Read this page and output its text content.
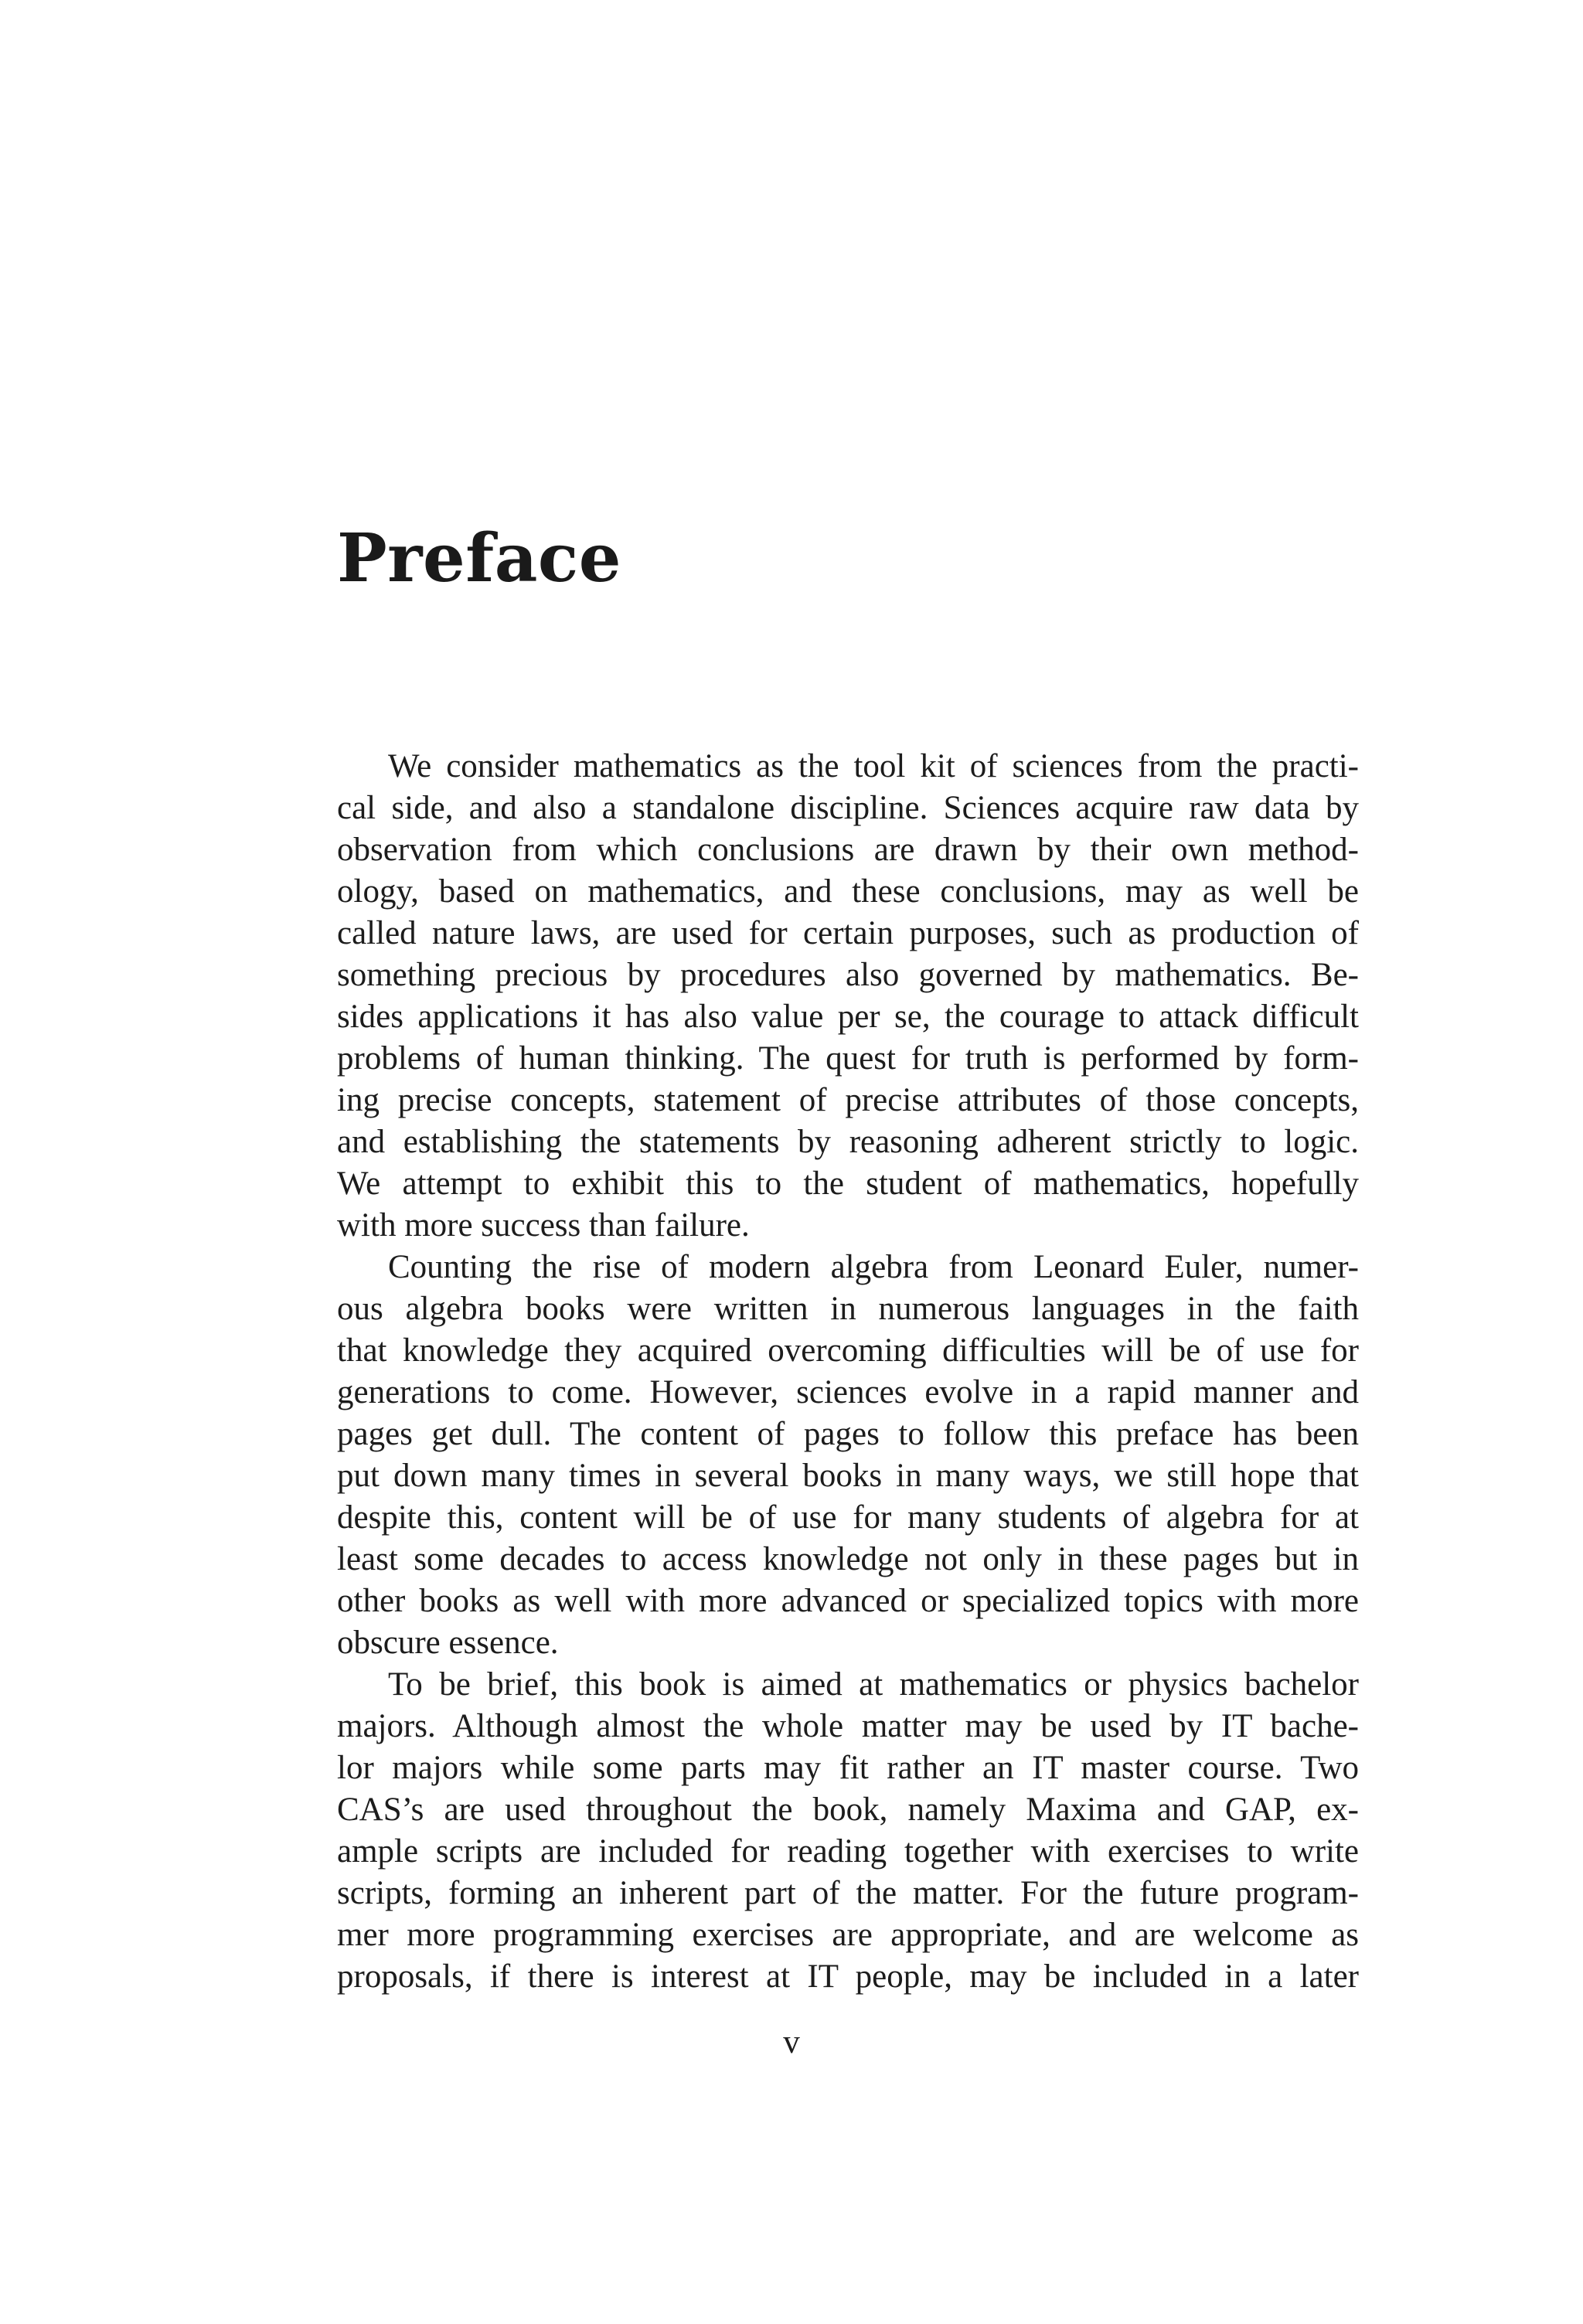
Preface
We consider mathematics as the tool kit of sciences from the practi-
cal side, and also a standalone discipline. Sciences acquire raw data by
observation from which conclusions are drawn by their own method-
ology, based on mathematics, and these conclusions, may as well be
called nature laws, are used for certain purposes, such as production of
something precious by procedures also governed by mathematics. Be-
sides applications it has also value per se, the courage to attack difficult
problems of human thinking. The quest for truth is performed by form-
ing precise concepts, statement of precise attributes of those concepts,
and establishing the statements by reasoning adherent strictly to logic.
We attempt to exhibit this to the student of mathematics, hopefully
with more success than failure.
Counting the rise of modern algebra from Leonard Euler, numer-
ous algebra books were written in numerous languages in the faith
that knowledge they acquired overcoming difficulties will be of use for
generations to come. However, sciences evolve in a rapid manner and
pages get dull. The content of pages to follow this preface has been
put down many times in several books in many ways, we still hope that
despite this, content will be of use for many students of algebra for at
least some decades to access knowledge not only in these pages but in
other books as well with more advanced or specialized topics with more
obscure essence.
To be brief, this book is aimed at mathematics or physics bachelor
majors. Although almost the whole matter may be used by IT bache-
lor majors while some parts may fit rather an IT master course. Two
CAS’s are used throughout the book, namely Maxima and GAP, ex-
ample scripts are included for reading together with exercises to write
scripts, forming an inherent part of the matter. For the future program-
mer more programming exercises are appropriate, and are welcome as
proposals, if there is interest at IT people, may be included in a later
v
